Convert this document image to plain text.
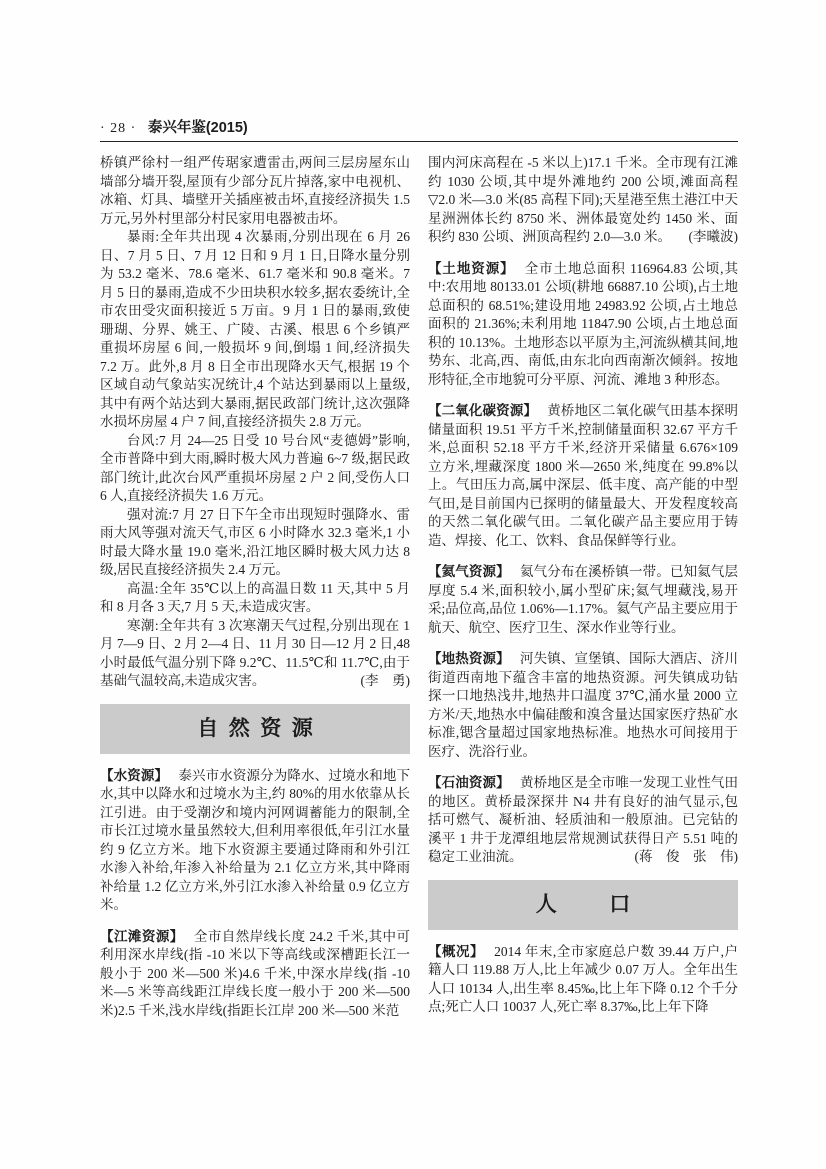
· 28 · 泰兴年鉴(2015)

桥镇严徐村一组严传琚家遭雷击,两间三层房屋东山墙部分墙开裂,屋顶有少部分瓦片掉落,家中电视机、冰箱、灯具、墙壁开关插座被击坏,直接经济损失 1.5 万元,另外村里部分村民家用电器被击坏。

暴雨:全年共出现 4 次暴雨,分别出现在 6 月 26 日、7 月 5 日、7 月 12 日和 9 月 1 日,日降水量分别为 53.2 毫米、78.6 毫米、61.7 毫米和 90.8 毫米。7 月 5 日的暴雨,造成不少田块积水较多,据农委统计,全市农田受灾面积接近 5 万亩。9 月 1 日的暴雨,致使珊瑚、分界、姚王、广陵、古溪、根思 6 个乡镇严重损坏房屋 6 间,一般损坏 9 间,倒塌 1 间,经济损失 7.2 万。此外,8 月 8 日全市出现降水天气,根据 19 个区域自动气象站实况统计,4 个站达到暴雨以上量级,其中有两个站达到大暴雨,据民政部门统计,这次强降水损坏房屋 4 户 7 间,直接经济损失 2.8 万元。

台风:7 月 24—25 日受 10 号台风“麦德姆”影响,全市普降中到大雨,瞬时极大风力普遍 6~7 级,据民政部门统计,此次台风严重损坏房屋 2 户 2 间,受伤人口 6 人,直接经济损失 1.6 万元。

强对流:7 月 27 日下午全市出现短时强降水、雷雨大风等强对流天气,市区 6 小时降水 32.3 毫米,1 小时最大降水量 19.0 毫米,沿江地区瞬时极大风力达 8 级,居民直接经济损失 2.4 万元。

高温:全年 35℃以上的高温日数 11 天,其中 5 月和 8 月各 3 天,7 月 5 天,未造成灾害。

寒潮:全年共有 3 次寒潮天气过程,分别出现在 1 月 7—9 日、2 月 2—4 日、11 月 30 日—12 月 2 日,48 小时最低气温分别下降 9.2℃、11.5℃和 11.7℃,由于基础气温较高,未造成灾害。	(李　勇)

自然资源

【水资源】 泰兴市水资源分为降水、过境水和地下水,其中以降水和过境水为主,约 80%的用水依靠从长江引进。由于受潮汐和境内河网调蓄能力的限制,全市长江过境水量虽然较大,但利用率很低,年引江水量约 9 亿立方米。地下水资源主要通过降雨和外引江水渗入补给,年渗入补给量为 2.1 亿立方米,其中降雨补给量 1.2 亿立方米,外引江水渗入补给量 0.9 亿立方米。

【江滩资源】 全市自然岸线长度 24.2 千米,其中可利用深水岸线(指 -10 米以下等高线或深槽距长江一般小于 200 米—500 米)4.6 千米,中深水岸线(指 -10 米—5 米等高线距江岸线长度一般小于 200 米—500 米)2.5 千米,浅水岸线(指距长江岸 200 米—500 米范

围内河床高程在 -5 米以上)17.1 千米。全市现有江滩约 1030 公顷,其中堤外滩地约 200 公顷,滩面高程▽2.0 米—3.0 米(85 高程下同);天星港至焦土港江中天星洲洲体长约 8750 米、洲体最宽处约 1450 米、面积约 830 公顷、洲顶高程约 2.0—3.0 米。 (李曦波)

【土地资源】 全市土地总面积 116964.83 公顷,其中:农用地 80133.01 公顷(耕地 66887.10 公顷),占土地总面积的 68.51%;建设用地 24983.92 公顷,占土地总面积的 21.36%;未利用地 11847.90 公顷,占土地总面积的 10.13%。土地形态以平原为主,河流纵横其间,地势东、北高,西、南低,由东北向西南渐次倾斜。按地形特征,全市地貌可分平原、河流、滩地 3 种形态。

【二氧化碳资源】 黄桥地区二氧化碳气田基本探明储量面积 19.51 平方千米,控制储量面积 32.67 平方千米,总面积 52.18 平方千米,经济开采储量 6.676×109 立方米,埋藏深度 1800 米—2650 米,纯度在 99.8%以上。气田压力高,属中深层、低丰度、高产能的中型气田,是目前国内已探明的储量最大、开发程度较高的天然二氧化碳气田。二氧化碳产品主要应用于铸造、焊接、化工、饮料、食品保鲜等行业。

【氦气资源】 氦气分布在溪桥镇一带。已知氦气层厚度 5.4 米,面积较小,属小型矿床;氦气埋藏浅,易开采;品位高,品位 1.06%—1.17%。氦气产品主要应用于航天、航空、医疗卫生、深水作业等行业。

【地热资源】 河失镇、宣堡镇、国际大酒店、济川街道西南地下蕴含丰富的地热资源。河失镇成功钻探一口地热浅井,地热井口温度 37℃,涌水量 2000 立方米/天,地热水中偏硅酸和溴含量达国家医疗热矿水标准,锶含量超过国家地热标准。地热水可间接用于医疗、洗浴行业。

【石油资源】 黄桥地区是全市唯一发现工业性气田的地区。黄桥最深探井 N4 井有良好的油气显示,包括可燃气、凝析油、轻质油和一般原油。已完钻的溪平 1 井于龙潭组地层常规测试获得日产 5.51 吨的稳定工业油流。	(蒋　俊　张　伟)

人口

【概况】 2014 年末,全市家庭总户数 39.44 万户,户籍人口 119.88 万人,比上年减少 0.07 万人。全年出生人口 10134 人,出生率 8.45‰,比上年下降 0.12 个千分点;死亡人口 10037 人,死亡率 8.37‰,比上年下降
